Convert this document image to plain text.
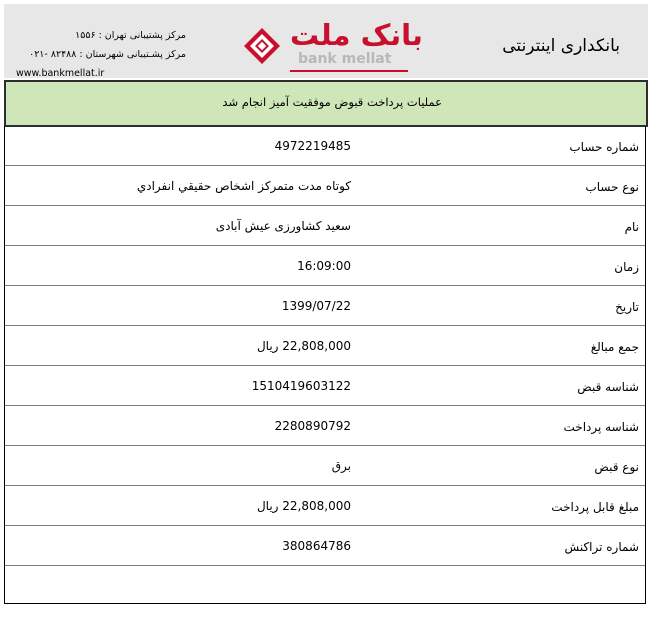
مرکز پشتیبانی تهران : ۱۵۵۶
مرکز پشـتیبانی شهرستان : ۸۲۴۸۸ -۰۲۱
www.bankmellat.ir
بانکداری اینترنتی
بانک ملت
bank mellat
عملیات پرداخت قبوض موفقیت آمیز انجام شد
شماره حساب
4972219485
نوع حساب
كوتاه مدت متمركز اشخاص حقيقي انفرادي
نام
سعید کشاورزی عیش آبادی
زمان
16:09:00
تاریخ
1399/07/22
جمع مبالغ
22,808,000 ریال
شناسه قبض
1510419603122
شناسه پرداخت
2280890792
نوع قبض
برق
مبلغ قابل پرداخت
22,808,000 ریال
شماره تراکنش
380864786
